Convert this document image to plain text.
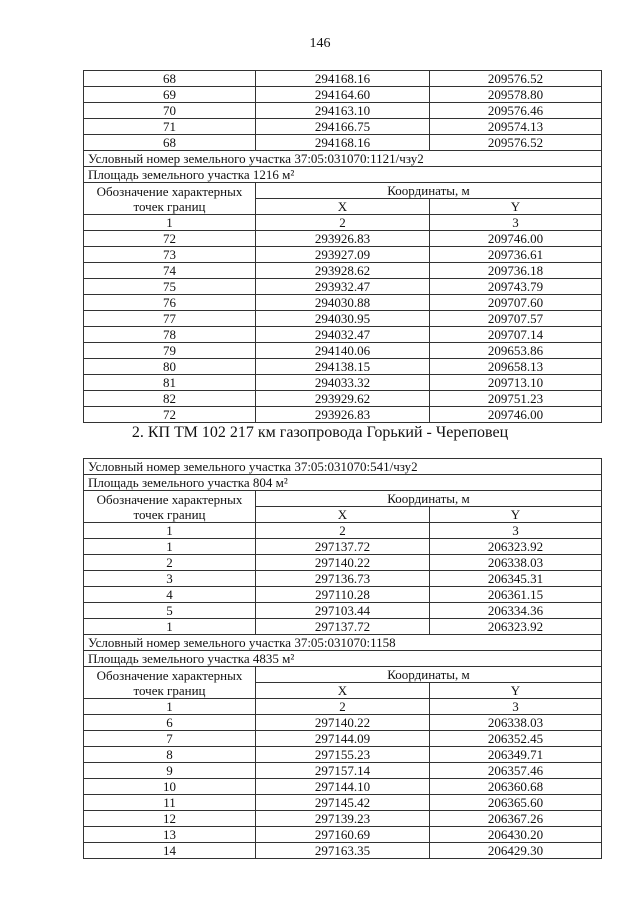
146
68	294168.16	209576.52
69	294164.60	209578.80
70	294163.10	209576.46
71	294166.75	209574.13
68	294168.16	209576.52
Условный номер земельного участка 37:05:031070:1121/чзу2		
Площадь земельного участка 1216 м²		
Обозначение характерных точек границ	Координаты, м	
	X	Y
1	2	3
72	293926.83	209746.00
73	293927.09	209736.61
74	293928.62	209736.18
75	293932.47	209743.79
76	294030.88	209707.60
77	294030.95	209707.57
78	294032.47	209707.14
79	294140.06	209653.86
80	294138.15	209658.13
81	294033.32	209713.10
82	293929.62	209751.23
72	293926.83	209746.00
2. КП ТМ 102 217 км газопровода Горький - Череповец
Условный номер земельного участка 37:05:031070:541/чзу2		
Площадь земельного участка 804 м²		
Обозначение характерных точек границ	Координаты, м	
	X	Y
1	2	3
1	297137.72	206323.92
2	297140.22	206338.03
3	297136.73	206345.31
4	297110.28	206361.15
5	297103.44	206334.36
1	297137.72	206323.92
Условный номер земельного участка 37:05:031070:1158		
Площадь земельного участка 4835 м²		
Обозначение характерных точек границ	Координаты, м	
	X	Y
1	2	3
6	297140.22	206338.03
7	297144.09	206352.45
8	297155.23	206349.71
9	297157.14	206357.46
10	297144.10	206360.68
11	297145.42	206365.60
12	297139.23	206367.26
13	297160.69	206430.20
14	297163.35	206429.30
